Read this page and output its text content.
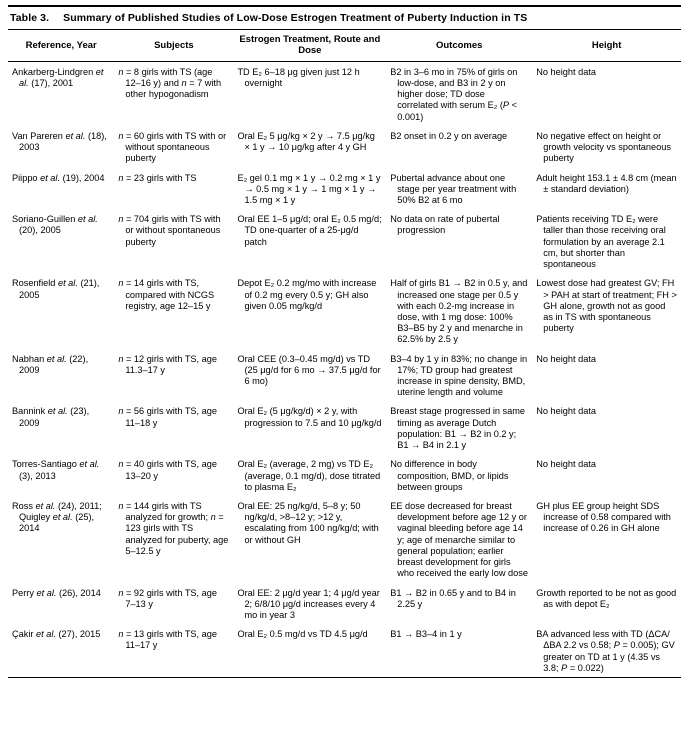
Table 3. Summary of Published Studies of Low-Dose Estrogen Treatment of Puberty Induction in TS
Reference, Year	Subjects	Estrogen Treatment, Route and Dose	Outcomes	Height
Ankarberg-Lindgren et al. (17), 2001	n = 8 girls with TS (age 12–16 y) and n = 7 with other hypogonadism	TD E₂ 6–18 μg given just 12 h overnight	B2 in 3–6 mo in 75% of girls on low-dose, and B3 in 2 y on higher dose; TD dose correlated with serum E₂ (P < 0.001)	No height data
Van Pareren et al. (18), 2003	n = 60 girls with TS with or without spontaneous puberty	Oral E₂ 5 μg/kg × 2 y → 7.5 μg/kg × 1 y → 10 μg/kg after 4 y GH	B2 onset in 0.2 y on average	No negative effect on height or growth velocity vs spontaneous puberty
Piippo et al. (19), 2004	n = 23 girls with TS	E₂ gel 0.1 mg × 1 y → 0.2 mg × 1 y → 0.5 mg × 1 y → 1 mg × 1 y → 1.5 mg × 1 y	Pubertal advance about one stage per year treatment with 50% B2 at 6 mo	Adult height 153.1 ± 4.8 cm (mean ± standard deviation)
Soriano-Guillen et al. (20), 2005	n = 704 girls with TS with or without spontaneous puberty	Oral EE 1–5 μg/d; oral E₂ 0.5 mg/d; TD one-quarter of a 25-μg/d patch	No data on rate of pubertal progression	Patients receiving TD E₂ were taller than those receiving oral formulation by an average 2.1 cm, but shorter than spontaneous
Rosenfield et al. (21), 2005	n = 14 girls with TS, compared with NCGS registry, age 12–15 y	Depot E₂ 0.2 mg/mo with increase of 0.2 mg every 0.5 y; GH also given 0.05 mg/kg/d	Half of girls B1 → B2 in 0.5 y, and increased one stage per 0.5 y with each 0.2-mg increase in dose, with 1 mg dose: 100% B3–B5 by 2 y and menarche in 62.5% by 2.5 y	Lowest dose had greatest GV; FH > PAH at start of treatment; FH > GH alone, growth not as good as in TS with spontaneous puberty
Nabhan et al. (22), 2009	n = 12 girls with TS, age 11.3–17 y	Oral CEE (0.3–0.45 mg/d) vs TD (25 μg/d for 6 mo → 37.5 μg/d for 6 mo)	B3–4 by 1 y in 83%; no change in 17%; TD group had greatest increase in spine density, BMD, uterine length and volume	No height data
Bannink et al. (23), 2009	n = 56 girls with TS, age 11–18 y	Oral E₂ (5 μg/kg/d) × 2 y, with progression to 7.5 and 10 μg/kg/d	Breast stage progressed in same timing as average Dutch population: B1 → B2 in 0.2 y; B1 → B4 in 2.1 y	No height data
Torres-Santiago et al. (3), 2013	n = 40 girls with TS, age 13–20 y	Oral E₂ (average, 2 mg) vs TD E₂ (average, 0.1 mg/d), dose titrated to plasma E₂	No difference in body composition, BMD, or lipids between groups	No height data
Ross et al. (24), 2011; Quigley et al. (25), 2014	n = 144 girls with TS analyzed for growth; n = 123 girls with TS analyzed for puberty, age 5–12.5 y	Oral EE: 25 ng/kg/d, 5–8 y; 50 ng/kg/d, >8–12 y; >12 y, escalating from 100 ng/kg/d; with or without GH	EE dose decreased for breast development before age 12 y or vaginal bleeding before age 14 y; age of menarche similar to general population; earlier breast development for girls who received the early low dose	GH plus EE group height SDS increase of 0.58 compared with increase of 0.26 in GH alone
Perry et al. (26), 2014	n = 92 girls with TS, age 7–13 y	Oral EE: 2 μg/d year 1; 4 μg/d year 2; 6/8/10 μg/d increases every 4 mo in year 3	B1 → B2 in 0.65 y and to B4 in 2.25 y	Growth reported to be not as good as with depot E₂
Çakir et al. (27), 2015	n = 13 girls with TS, age 11–17 y	Oral E₂ 0.5 mg/d vs TD 4.5 μg/d	B1 → B3–4 in 1 y	BA advanced less with TD (ΔCA/ΔBA 2.2 vs 0.58; P = 0.005); GV greater on TD at 1 y (4.35 vs 3.8; P = 0.022)
